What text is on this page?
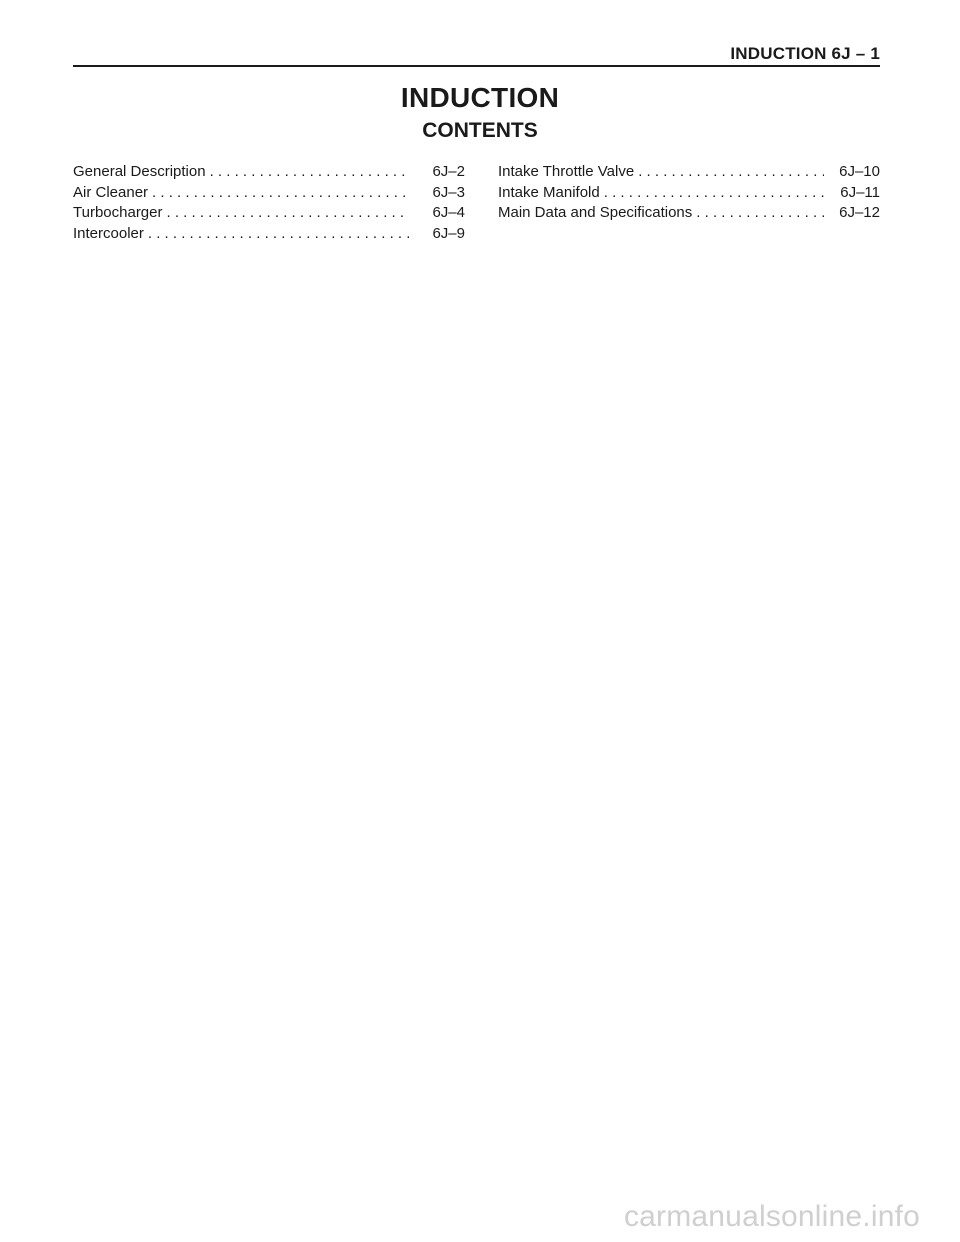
INDUCTION 6J – 1
INDUCTION
CONTENTS
General Description . . .	6J–2
Air Cleaner . . .	6J–3
Turbocharger . . .	6J–4
Intercooler . . .	6J–9
Intake Throttle Valve . . .	6J–10
Intake Manifold . . .	6J–11
Main Data and Specifications . . .	6J–12
carmanualsonline.info
